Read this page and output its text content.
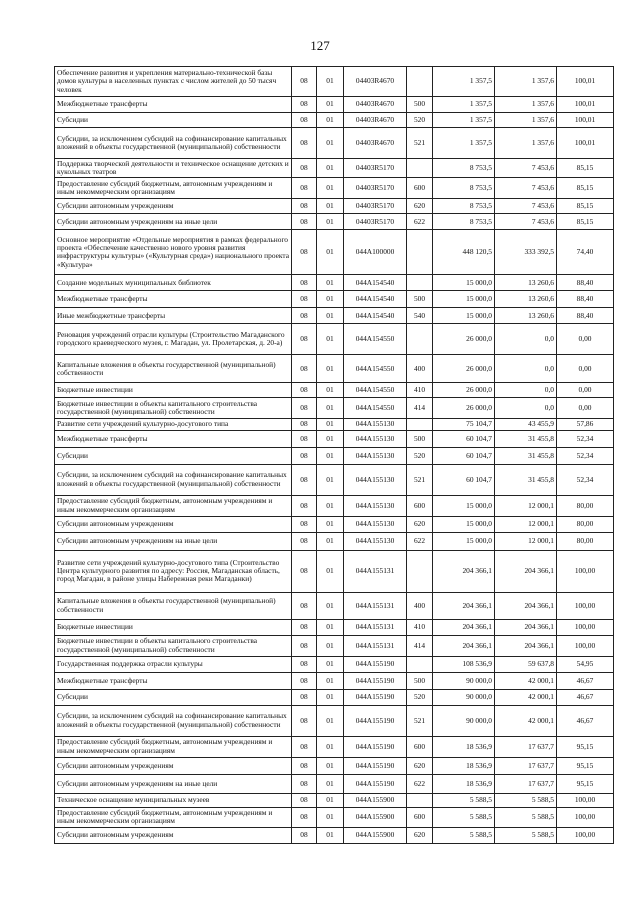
127
Обеспечение развития и укрепления материально-технической базы домов культуры в населенных пунктах с числом жителей до 50 тысяч человек	08	01	04403R4670		1 357,5	1 357,6	100,01
Межбюджетные трансферты	08	01	04403R4670	500	1 357,5	1 357,6	100,01
Субсидии	08	01	04403R4670	520	1 357,5	1 357,6	100,01
Субсидии, за исключением субсидий на софинансирование капитальных вложений в объекты государственной (муниципальной) собственности	08	01	04403R4670	521	1 357,5	1 357,6	100,01
Поддержка творческой деятельности и техническое оснащение детских и кукольных театров	08	01	04403R5170		8 753,5	7 453,6	85,15
Предоставление субсидий бюджетным, автономным учреждениям и иным некоммерческим организациям	08	01	04403R5170	600	8 753,5	7 453,6	85,15
Субсидии автономным учреждениям	08	01	04403R5170	620	8 753,5	7 453,6	85,15
Субсидии автономным учреждениям на иные цели	08	01	04403R5170	622	8 753,5	7 453,6	85,15
Основное мероприятие «Отдельные мероприятия в рамках федерального проекта «Обеспечение качественно нового уровня развития инфраструктуры культуры» («Культурная среда») национального проекта «Культура»	08	01	044A100000		448 120,5	333 392,5	74,40
Создание модельных муниципальных библиотек	08	01	044A154540		15 000,0	13 260,6	88,40
Межбюджетные трансферты	08	01	044A154540	500	15 000,0	13 260,6	88,40
Иные межбюджетные трансферты	08	01	044A154540	540	15 000,0	13 260,6	88,40
Реновация учреждений отрасли культуры (Строительство Магаданского городского краеведческого музея, г. Магадан, ул. Пролетарская, д. 20-а)	08	01	044A154550		26 000,0	0,0	0,00
Капитальные вложения в объекты государственной (муниципальной) собственности	08	01	044A154550	400	26 000,0	0,0	0,00
Бюджетные инвестиции	08	01	044A154550	410	26 000,0	0,0	0,00
Бюджетные инвестиции в объекты капитального строительства государственной (муниципальной) собственности	08	01	044A154550	414	26 000,0	0,0	0,00
Развитие сети учреждений культурно-досугового типа	08	01	044A155130		75 104,7	43 455,9	57,86
Межбюджетные трансферты	08	01	044A155130	500	60 104,7	31 455,8	52,34
Субсидии	08	01	044A155130	520	60 104,7	31 455,8	52,34
Субсидии, за исключением субсидий на софинансирование капитальных вложений в объекты государственной (муниципальной) собственности	08	01	044A155130	521	60 104,7	31 455,8	52,34
Предоставление субсидий бюджетным, автономным учреждениям и иным некоммерческим организациям	08	01	044A155130	600	15 000,0	12 000,1	80,00
Субсидии автономным учреждениям	08	01	044A155130	620	15 000,0	12 000,1	80,00
Субсидии автономным учреждениям на иные цели	08	01	044A155130	622	15 000,0	12 000,1	80,00
Развитие сети учреждений культурно-досугового типа (Строительство Центра культурного развития по адресу: Россия, Магаданская область, город Магадан, в районе улицы Набережная реки Магаданки)	08	01	044A155131		204 366,1	204 366,1	100,00
Капитальные вложения в объекты государственной (муниципальной) собственности	08	01	044A155131	400	204 366,1	204 366,1	100,00
Бюджетные инвестиции	08	01	044A155131	410	204 366,1	204 366,1	100,00
Бюджетные инвестиции в объекты капитального строительства государственной (муниципальной) собственности	08	01	044A155131	414	204 366,1	204 366,1	100,00
Государственная поддержка отрасли культуры	08	01	044A155190		108 536,9	59 637,8	54,95
Межбюджетные трансферты	08	01	044A155190	500	90 000,0	42 000,1	46,67
Субсидии	08	01	044A155190	520	90 000,0	42 000,1	46,67
Субсидии, за исключением субсидий на софинансирование капитальных вложений в объекты государственной (муниципальной) собственности	08	01	044A155190	521	90 000,0	42 000,1	46,67
Предоставление субсидий бюджетным, автономным учреждениям и иным некоммерческим организациям	08	01	044A155190	600	18 536,9	17 637,7	95,15
Субсидии автономным учреждениям	08	01	044A155190	620	18 536,9	17 637,7	95,15
Субсидии автономным учреждениям на иные цели	08	01	044A155190	622	18 536,9	17 637,7	95,15
Техническое оснащение муниципальных музеев	08	01	044A155900		5 588,5	5 588,5	100,00
Предоставление субсидий бюджетным, автономным учреждениям и иным некоммерческим организациям	08	01	044A155900	600	5 588,5	5 588,5	100,00
Субсидии автономным учреждениям	08	01	044A155900	620	5 588,5	5 588,5	100,00
